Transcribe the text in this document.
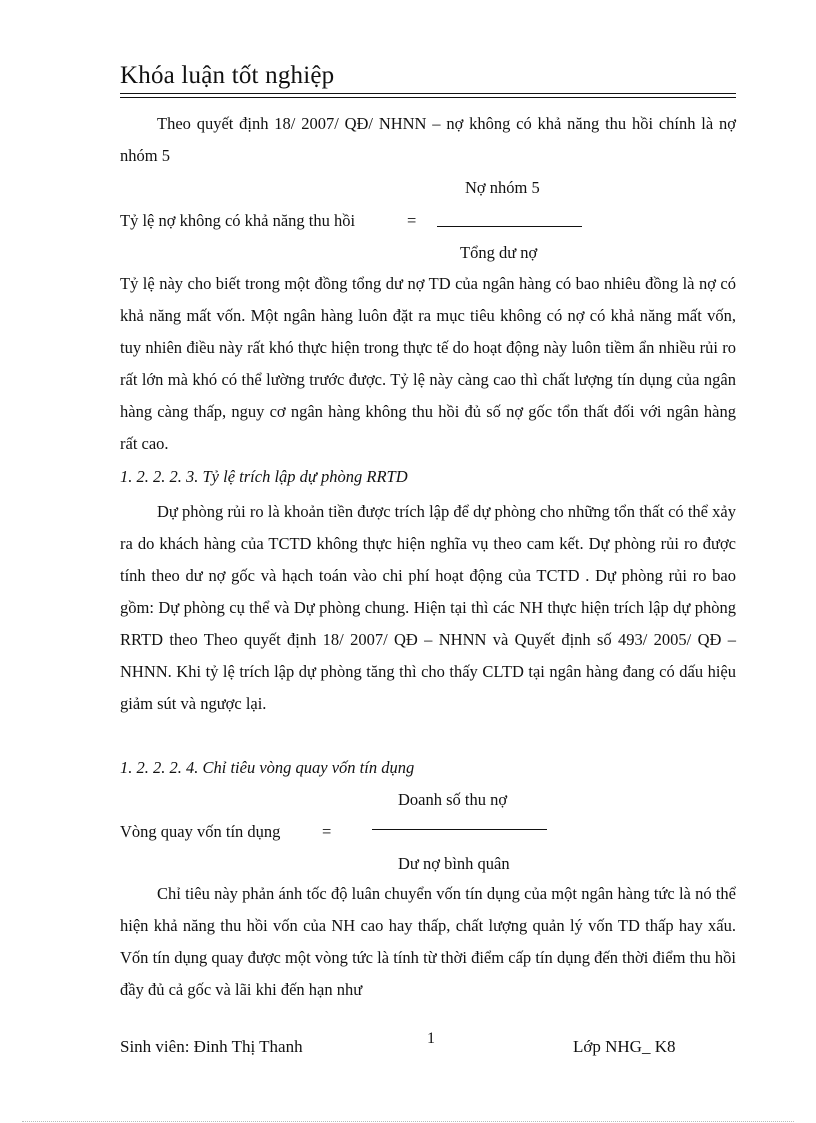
Khóa luận tốt nghiệp

Theo quyết định 18/ 2007/ QĐ/ NHNN – nợ không có khả năng thu hồi chính là nợ nhóm 5

Nợ nhóm 5
Tỷ lệ nợ không có khả năng thu hồi	=
Tổng dư nợ

Tỷ lệ này cho biết trong một đồng tổng dư nợ TD của ngân hàng có bao nhiêu đồng là nợ có khả năng mất vốn. Một ngân hàng luôn đặt ra mục tiêu không có nợ có khả năng mất vốn, tuy nhiên điều này rất khó thực hiện trong thực tế do hoạt động này luôn tiềm ẩn nhiều rủi ro rất lớn mà khó có thể lường trước được. Tỷ lệ này càng cao thì chất lượng tín dụng của ngân hàng càng thấp, nguy cơ ngân hàng không thu hồi đủ số nợ gốc tổn thất đối với ngân hàng rất cao.

1. 2. 2. 2. 3. Tỷ lệ trích lập dự phòng RRTD

Dự phòng rủi ro là khoản tiền được trích lập để dự phòng cho những tổn thất có thể xảy ra do khách hàng của TCTD không thực hiện nghĩa vụ theo cam kết. Dự phòng rủi ro được tính theo dư nợ gốc và hạch toán vào chi phí hoạt động của TCTD . Dự phòng rủi ro bao gồm: Dự phòng cụ thể và Dự phòng chung. Hiện tại thì các NH thực hiện trích lập dự phòng RRTD theo Theo quyết định 18/ 2007/ QĐ – NHNN và Quyết định số 493/ 2005/ QĐ – NHNN. Khi tỷ lệ trích lập dự phòng tăng thì cho thấy CLTD tại ngân hàng đang có dấu hiệu giảm sút và ngược lại.

1. 2. 2. 2. 4. Chỉ tiêu vòng quay vốn tín dụng
Doanh số thu nợ
Vòng quay vốn tín dụng	=
Dư nợ bình quân

Chỉ tiêu này phản ánh tốc độ luân chuyển vốn tín dụng của một ngân hàng tức là nó thể hiện khả năng thu hồi vốn của NH cao hay thấp, chất lượng quản lý vốn TD thấp hay xấu. Vốn tín dụng quay được một vòng tức là tính từ thời điểm cấp tín dụng đến thời điểm thu hồi đầy đủ cả gốc và lãi khi đến hạn như

Sinh viên: Đinh Thị Thanh	1	Lớp NHG_ K8
